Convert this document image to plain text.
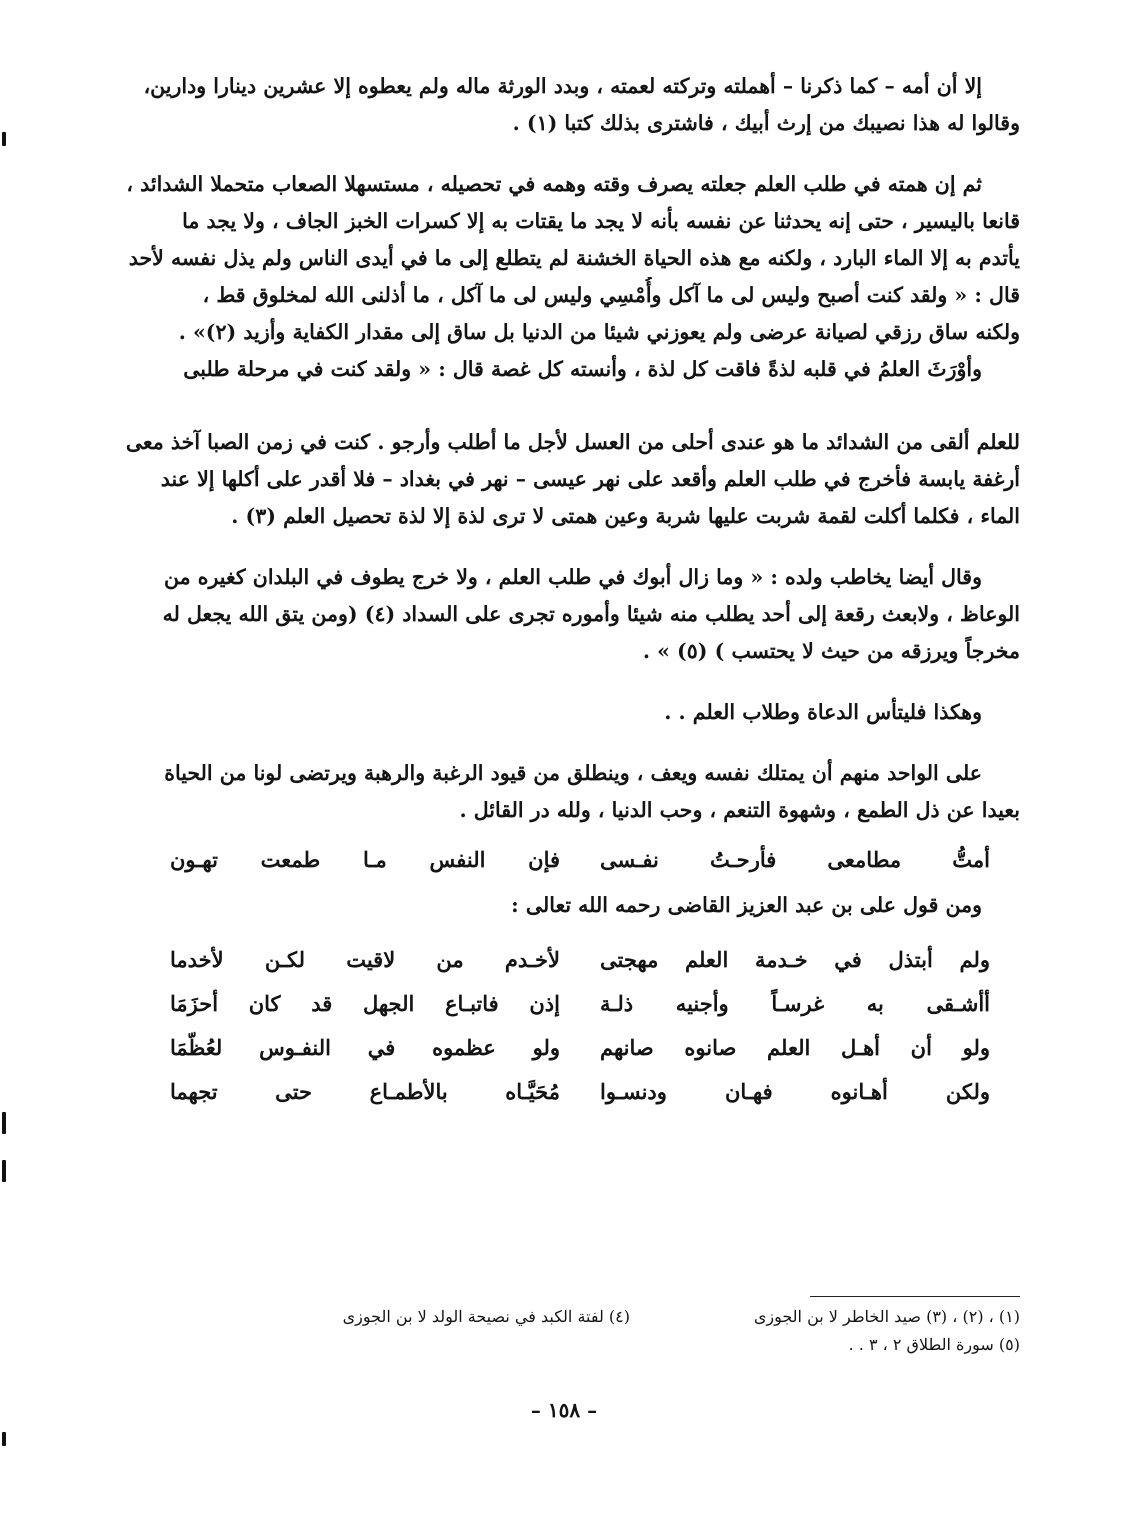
إلا أن أمه – كما ذكرنا – أهملته وتركته لعمته ، وبدد الورثة ماله ولم يعطوه إلا عشرين دينارا ودارين،
وقالوا له هذا نصيبك من إرث أبيك ، فاشترى بذلك كتبا (١) .

ثم إن همته في طلب العلم جعلته يصرف وقته وهمه في تحصيله ، مستسهلا الصعاب متحملا الشدائد ،
قانعا باليسير ، حتى إنه يحدثنا عن نفسه بأنه لا يجد ما يقتات به إلا كسرات الخبز الجاف ، ولا يجد ما
يأتدم به إلا الماء البارد ، ولكنه مع هذه الحياة الخشنة لم يتطلع إلى ما في أيدى الناس ولم يذل نفسه لأحد
قال : « ولقد كنت أصبح وليس لى ما آكل وأُمْسِي وليس لى ما آكل ، ما أذلنى الله لمخلوق قط ،
ولكنه ساق رزقي لصيانة عرضى ولم يعوزني شيئا من الدنيا بل ساق إلى مقدار الكفاية وأزيد (٢)» .
وأوْرَثَ العلمُ في قلبه لذةً فاقت كل لذة ، وأنسته كل غصة قال : « ولقد كنت في مرحلة طلبى

للعلم ألقى من الشدائد ما هو عندى أحلى من العسل لأجل ما أطلب وأرجو . كنت في زمن الصبا آخذ معى
أرغفة يابسة فأخرج في طلب العلم وأقعد على نهر عيسى – نهر في بغداد – فلا أقدر على أكلها إلا عند
الماء ، فكلما أكلت لقمة شربت عليها شربة وعين همتى لا ترى لذة إلا لذة تحصيل العلم (٣) .

وقال أيضا يخاطب ولده : « وما زال أبوك في طلب العلم ، ولا خرج يطوف في البلدان كغيره من
الوعاظ ، ولابعث رقعة إلى أحد يطلب منه شيئا وأموره تجرى على السداد (٤) (ومن يتق الله يجعل له
مخرجاً ويرزقه من حيث لا يحتسب ) (٥) » .

وهكذا فليتأس الدعاة وطلاب العلم . .

على الواحد منهم أن يمتلك نفسه ويعف ، وينطلق من قيود الرغبة والرهبة ويرتضى لونا من الحياة
بعيدا عن ذل الطمع ، وشهوة التنعم ، وحب الدنيا ، ولله در القائل .

أمتُّ مطامعى فأرحـتُ نفـسى
فإن النفس مـا طمعت تهـون

ومن قول على بن عبد العزيز القاضى رحمه الله تعالى :

ولم أبتذل في خـدمة العلم مهجتى
لأخـدم من لاقيت لكـن لأخدما
أأشـقى به غرسـاً وأجنيه ذلـة
إذن فاتبـاع الجهل قد كان أحزَمَا
ولو أن أهـل العلم صانوه صانهم
ولو عظموه في النفـوس لعُظّمَا
ولكن أهـانوه فهـان ودنسـوا
مُحَيَّـاه بالأطمـاع حتى تجهما
(١) ، (٢) ، (٣) صيد الخاطر لا بن الجوزى
(٤) لفتة الكبد في نصيحة الولد لا بن الجوزى
(٥) سورة الطلاق ٢ ، ٣ . .
– ١٥٨ –
